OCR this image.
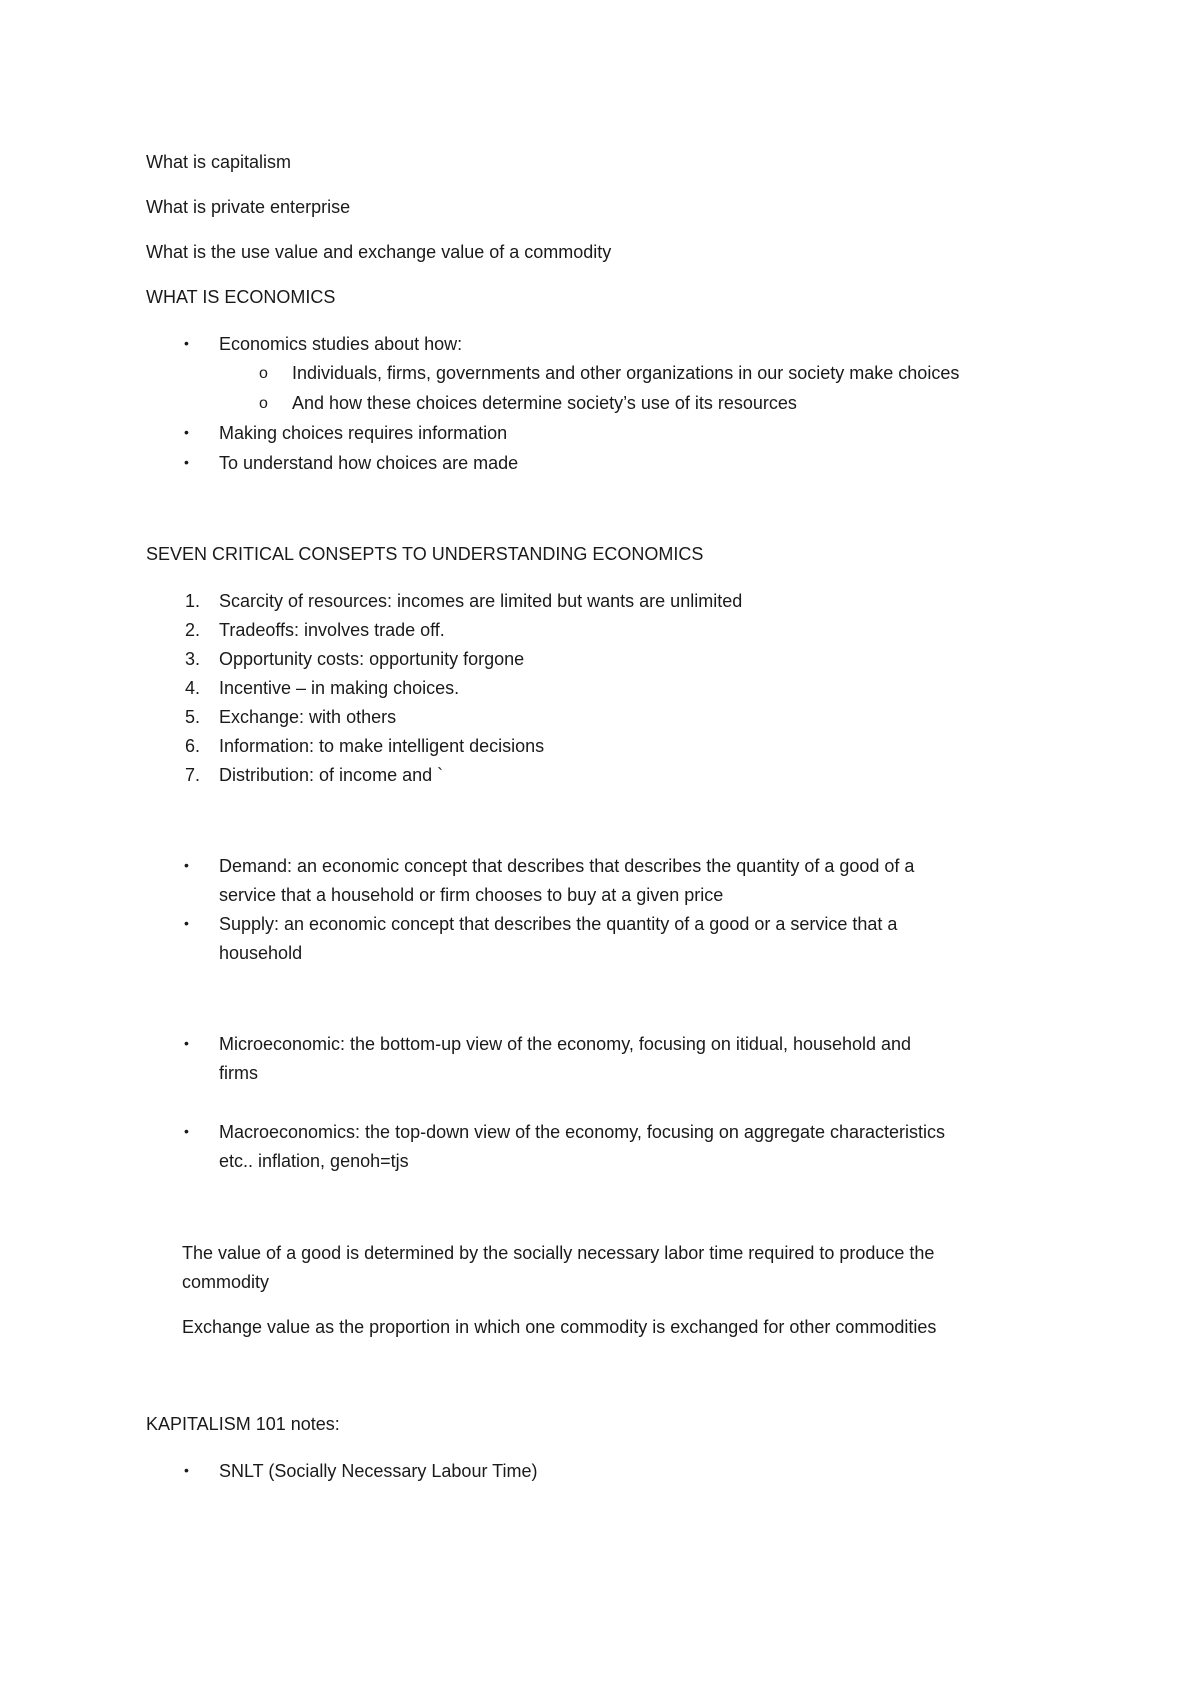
What is capitalism
What is private enterprise
What is the use value and exchange value of a commodity
WHAT IS ECONOMICS
• Economics studies about how:
o Individuals, firms, governments and other organizations in our society make choices
o And how these choices determine society’s use of its resources
• Making choices requires information
• To understand how choices are made
SEVEN CRITICAL CONSEPTS TO UNDERSTANDING ECONOMICS
1. Scarcity of resources: incomes are limited but wants are unlimited
2. Tradeoffs: involves trade off.
3. Opportunity costs: opportunity forgone
4. Incentive – in making choices.
5. Exchange: with others
6. Information: to make intelligent decisions
7. Distribution: of income and `
• Demand: an economic concept that describes that describes the quantity of a good of a
service that a household or firm chooses to buy at a given price
• Supply: an economic concept that describes the quantity of a good or a service that a
household
• Microeconomic: the bottom-up view of the economy, focusing on itidual, household and
firms
• Macroeconomics: the top-down view of the economy, focusing on aggregate characteristics
etc.. inflation, genoh=tjs
The value of a good is determined by the socially necessary labor time required to produce the
commodity
Exchange value as the proportion in which one commodity is exchanged for other commodities
KAPITALISM 101 notes:
• SNLT (Socially Necessary Labour Time)
